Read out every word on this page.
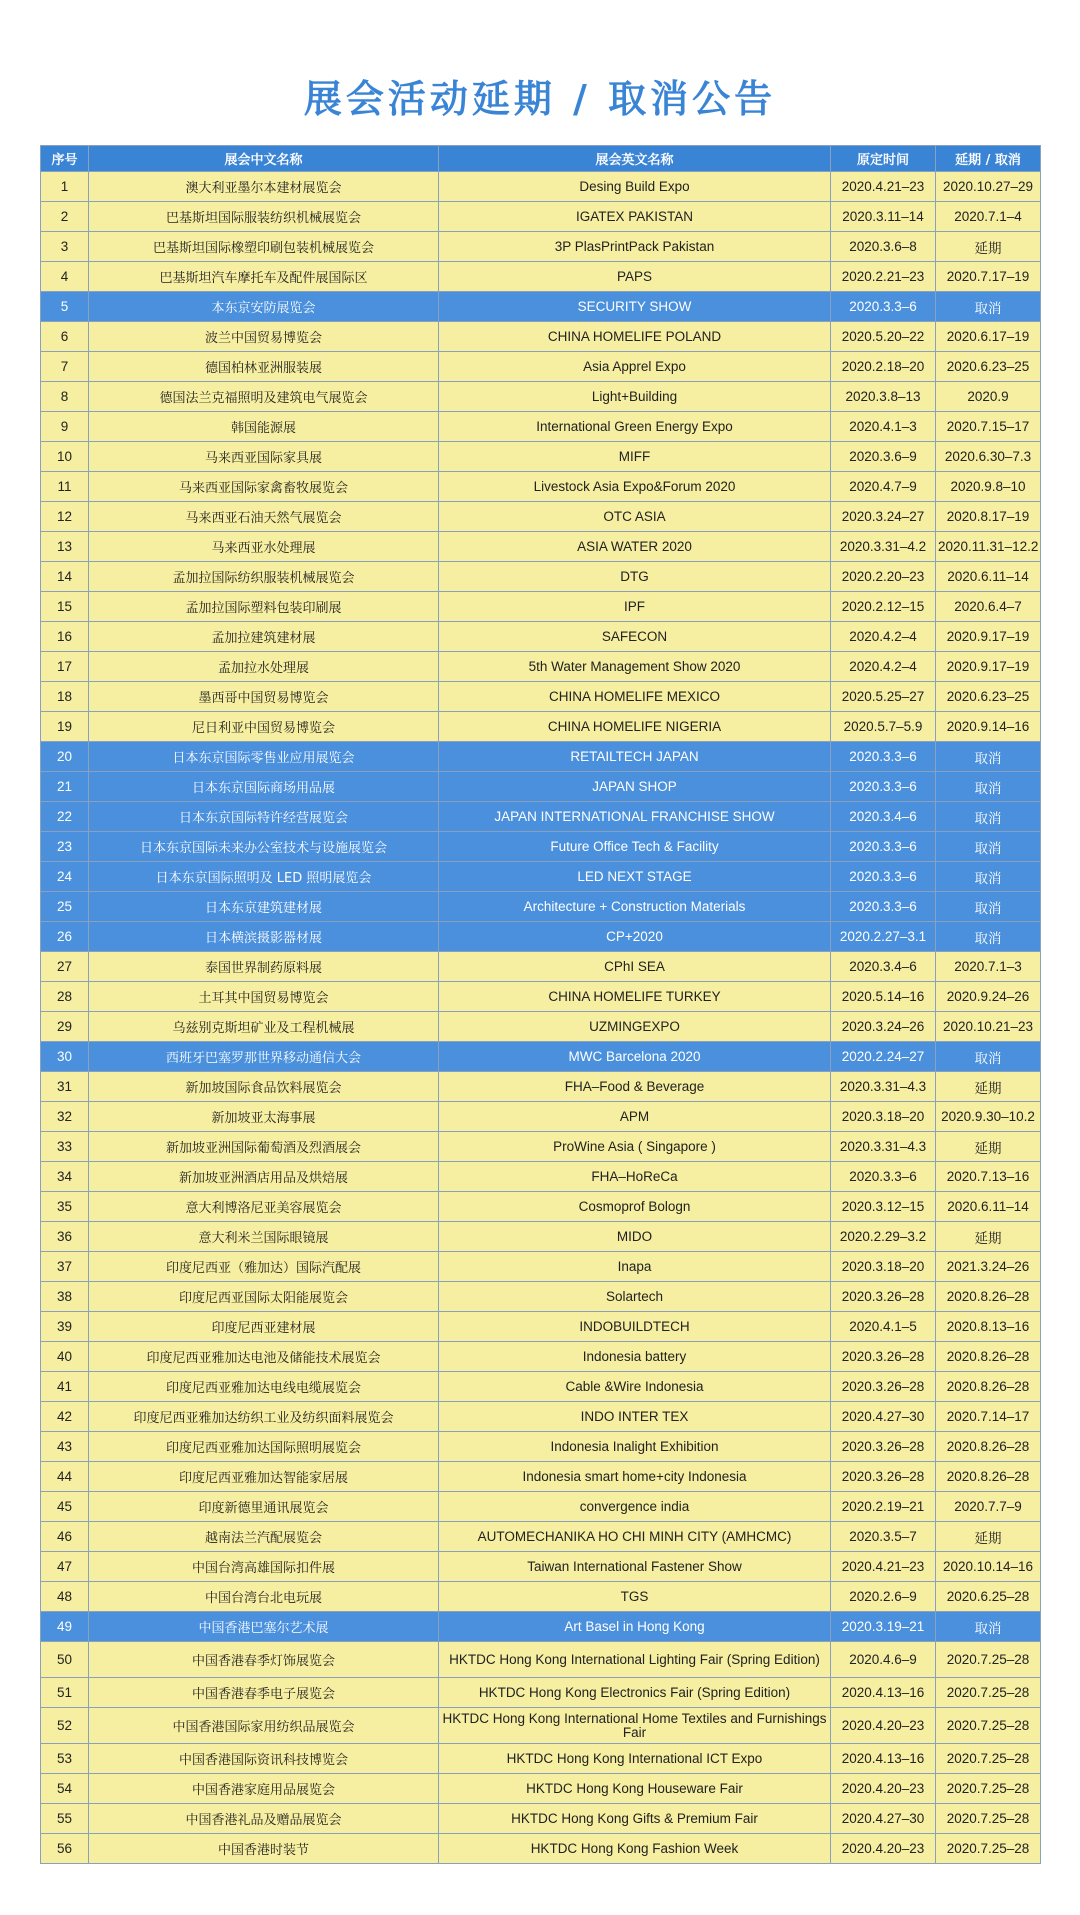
展会活动延期 / 取消公告
序号	展会中文名称	展会英文名称	原定时间	延期 / 取消
1	澳大利亚墨尔本建材展览会	Desing Build Expo	2020.4.21–23	2020.10.27–29
2	巴基斯坦国际服装纺织机械展览会	IGATEX PAKISTAN	2020.3.11–14	2020.7.1–4
3	巴基斯坦国际橡塑印刷包装机械展览会	3P PlasPrintPack Pakistan	2020.3.6–8	延期
4	巴基斯坦汽车摩托车及配件展国际区	PAPS	2020.2.21–23	2020.7.17–19
5	本东京安防展览会	SECURITY SHOW	2020.3.3–6	取消
6	波兰中国贸易博览会	CHINA HOMELIFE POLAND	2020.5.20–22	2020.6.17–19
7	德国柏林亚洲服装展	Asia Apprel Expo	2020.2.18–20	2020.6.23–25
8	德国法兰克福照明及建筑电气展览会	Light+Building	2020.3.8–13	2020.9
9	韩国能源展	International Green Energy Expo	2020.4.1–3	2020.7.15–17
10	马来西亚国际家具展	MIFF	2020.3.6–9	2020.6.30–7.3
11	马来西亚国际家禽畜牧展览会	Livestock Asia Expo&Forum 2020	2020.4.7–9	2020.9.8–10
12	马来西亚石油天然气展览会	OTC ASIA	2020.3.24–27	2020.8.17–19
13	马来西亚水处理展	ASIA WATER 2020	2020.3.31–4.2	2020.11.31–12.2
14	孟加拉国际纺织服装机械展览会	DTG	2020.2.20–23	2020.6.11–14
15	孟加拉国际塑料包装印刷展	IPF	2020.2.12–15	2020.6.4–7
16	孟加拉建筑建材展	SAFECON	2020.4.2–4	2020.9.17–19
17	孟加拉水处理展	5th Water Management Show 2020	2020.4.2–4	2020.9.17–19
18	墨西哥中国贸易博览会	CHINA HOMELIFE MEXICO	2020.5.25–27	2020.6.23–25
19	尼日利亚中国贸易博览会	CHINA HOMELIFE NIGERIA	2020.5.7–5.9	2020.9.14–16
20	日本东京国际零售业应用展览会	RETAILTECH JAPAN	2020.3.3–6	取消
21	日本东京国际商场用品展	JAPAN SHOP	2020.3.3–6	取消
22	日本东京国际特许经营展览会	JAPAN INTERNATIONAL FRANCHISE SHOW	2020.3.4–6	取消
23	日本东京国际未来办公室技术与设施展览会	Future Office Tech & Facility	2020.3.3–6	取消
24	日本东京国际照明及 LED 照明展览会	LED NEXT STAGE	2020.3.3–6	取消
25	日本东京建筑建材展	Architecture + Construction Materials	2020.3.3–6	取消
26	日本横滨摄影器材展	CP+2020	2020.2.27–3.1	取消
27	泰国世界制药原料展	CPhI SEA	2020.3.4–6	2020.7.1–3
28	土耳其中国贸易博览会	CHINA HOMELIFE TURKEY	2020.5.14–16	2020.9.24–26
29	乌兹别克斯坦矿业及工程机械展	UZMINGEXPO	2020.3.24–26	2020.10.21–23
30	西班牙巴塞罗那世界移动通信大会	MWC Barcelona 2020	2020.2.24–27	取消
31	新加坡国际食品饮料展览会	FHA–Food & Beverage	2020.3.31–4.3	延期
32	新加坡亚太海事展	APM	2020.3.18–20	2020.9.30–10.2
33	新加坡亚洲国际葡萄酒及烈酒展会	ProWine Asia ( Singapore )	2020.3.31–4.3	延期
34	新加坡亚洲酒店用品及烘焙展	FHA–HoReCa	2020.3.3–6	2020.7.13–16
35	意大利博洛尼亚美容展览会	Cosmoprof Bologn	2020.3.12–15	2020.6.11–14
36	意大利米兰国际眼镜展	MIDO	2020.2.29–3.2	延期
37	印度尼西亚（雅加达）国际汽配展	Inapa	2020.3.18–20	2021.3.24–26
38	印度尼西亚国际太阳能展览会	Solartech	2020.3.26–28	2020.8.26–28
39	印度尼西亚建材展	INDOBUILDTECH	2020.4.1–5	2020.8.13–16
40	印度尼西亚雅加达电池及储能技术展览会	Indonesia battery	2020.3.26–28	2020.8.26–28
41	印度尼西亚雅加达电线电缆展览会	Cable &Wire Indonesia	2020.3.26–28	2020.8.26–28
42	印度尼西亚雅加达纺织工业及纺织面料展览会	INDO INTER TEX	2020.4.27–30	2020.7.14–17
43	印度尼西亚雅加达国际照明展览会	Indonesia Inalight Exhibition	2020.3.26–28	2020.8.26–28
44	印度尼西亚雅加达智能家居展	Indonesia smart home+city Indonesia	2020.3.26–28	2020.8.26–28
45	印度新德里通讯展览会	convergence india	2020.2.19–21	2020.7.7–9
46	越南法兰汽配展览会	AUTOMECHANIKA HO CHI MINH CITY (AMHCMC)	2020.3.5–7	延期
47	中国台湾高雄国际扣件展	Taiwan International Fastener Show	2020.4.21–23	2020.10.14–16
48	中国台湾台北电玩展	TGS	2020.2.6–9	2020.6.25–28
49	中国香港巴塞尔艺术展	Art Basel in Hong Kong	2020.3.19–21	取消
50	中国香港春季灯饰展览会	HKTDC Hong Kong International Lighting Fair (Spring Edition)	2020.4.6–9	2020.7.25–28
51	中国香港春季电子展览会	HKTDC Hong Kong Electronics Fair (Spring Edition)	2020.4.13–16	2020.7.25–28
52	中国香港国际家用纺织品展览会	HKTDC Hong Kong International Home Textiles and Furnishings Fair	2020.4.20–23	2020.7.25–28
53	中国香港国际资讯科技博览会	HKTDC Hong Kong International ICT Expo	2020.4.13–16	2020.7.25–28
54	中国香港家庭用品展览会	HKTDC Hong Kong Houseware Fair	2020.4.20–23	2020.7.25–28
55	中国香港礼品及赠品展览会	HKTDC Hong Kong Gifts & Premium Fair	2020.4.27–30	2020.7.25–28
56	中国香港时装节	HKTDC Hong Kong Fashion Week	2020.4.20–23	2020.7.25–28
